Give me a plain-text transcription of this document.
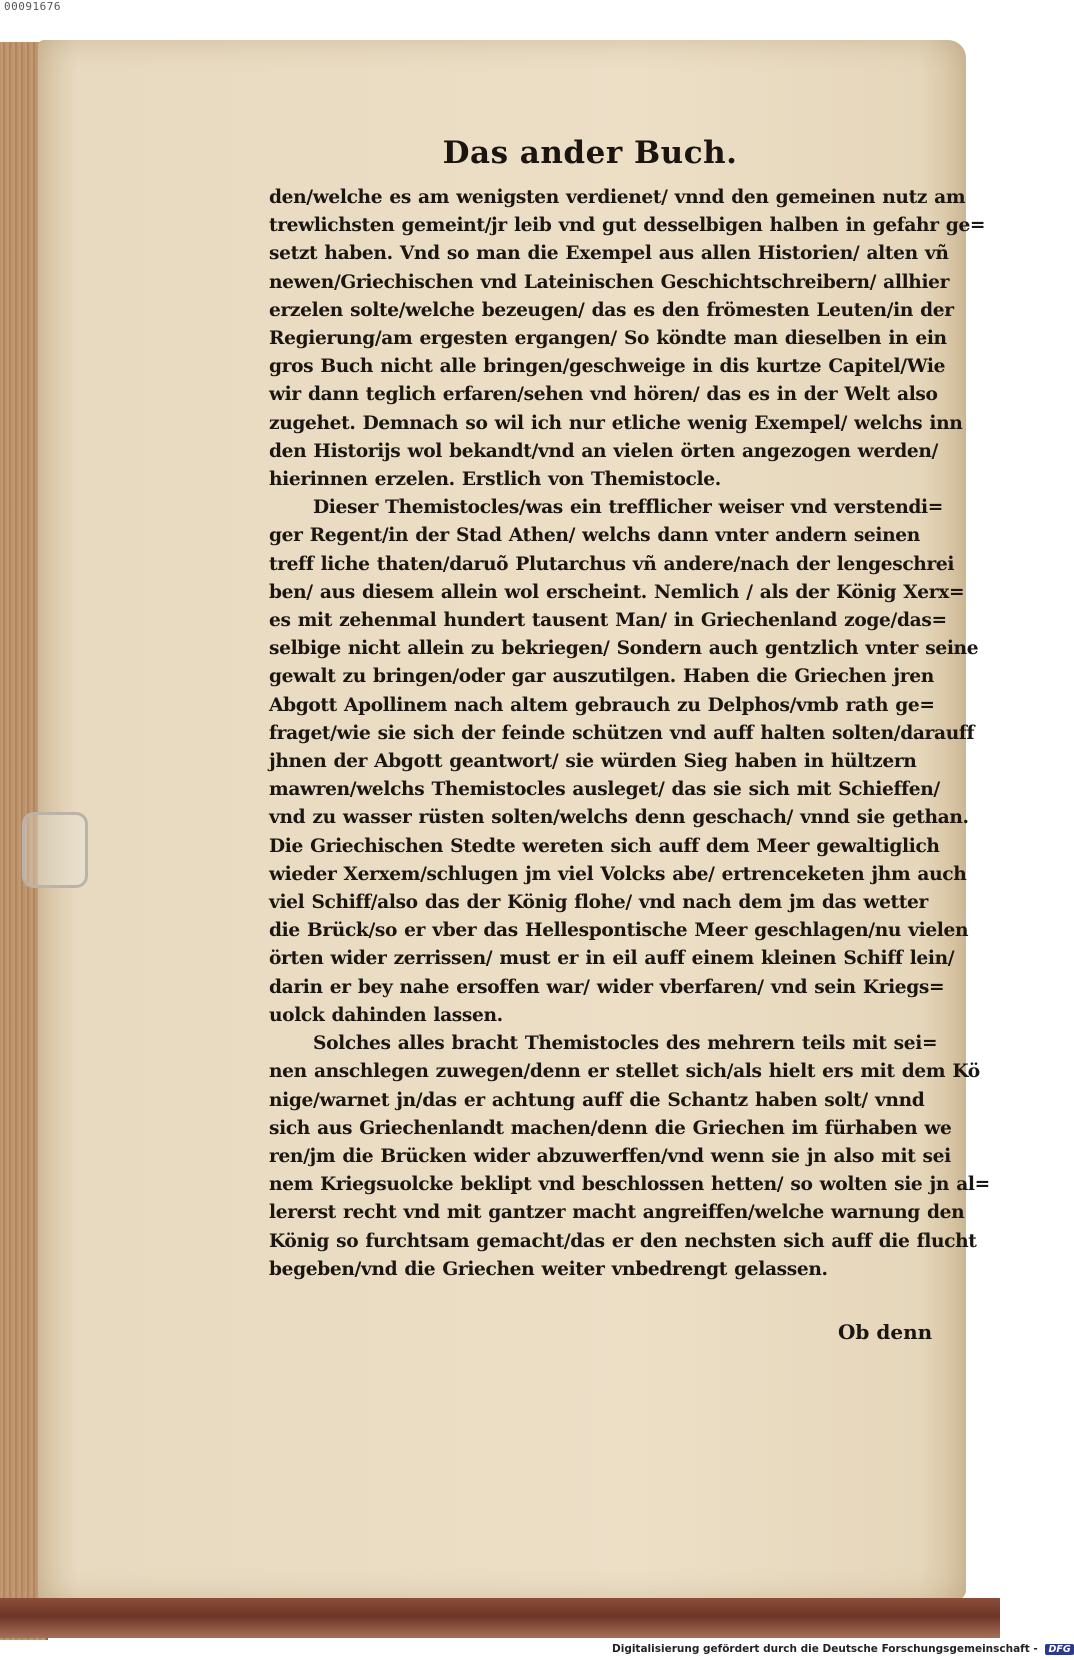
00091676
Das ander Buch.
den/welche es am wenigsten verdienet/ vnnd den gemeinen nutz am
trewlichsten gemeint/jr leib vnd gut desselbigen halben in gefahr ge=
setzt haben. Vnd so man die Exempel aus allen Historien/ alten vñ
newen/Griechischen vnd Lateinischen Geschichtschreibern/ allhier
erzelen solte/welche bezeugen/ das es den frömesten Leuten/in der
Regierung/am ergesten ergangen/ So köndte man dieselben in ein
gros Buch nicht alle bringen/geschweige in dis kurtze Capitel/Wie
wir dann teglich erfaren/sehen vnd hören/ das es in der Welt also
zugehet. Demnach so wil ich nur etliche wenig Exempel/ welchs inn
den Historijs wol bekandt/vnd an vielen örten angezogen werden/
hierinnen erzelen. Erstlich von Themistocle.
Dieser Themistocles/was ein trefflicher weiser vnd verstendi=
ger Regent/in der Stad Athen/ welchs dann vnter andern seinen
treff liche thaten/daruõ Plutarchus vñ andere/nach der lengeschrei
ben/ aus diesem allein wol erscheint. Nemlich / als der König Xerx=
es mit zehenmal hundert tausent Man/ in Griechenland zoge/das=
selbige nicht allein zu bekriegen/ Sondern auch gentzlich vnter seine
gewalt zu bringen/oder gar auszutilgen. Haben die Griechen jren
Abgott Apollinem nach altem gebrauch zu Delphos/vmb rath ge=
fraget/wie sie sich der feinde schützen vnd auff halten solten/darauff
jhnen der Abgott geantwort/ sie würden Sieg haben in hültzern
mawren/welchs Themistocles ausleget/ das sie sich mit Schieffen/
vnd zu wasser rüsten solten/welchs denn geschach/ vnnd sie gethan.
Die Griechischen Stedte wereten sich auff dem Meer gewaltiglich
wieder Xerxem/schlugen jm viel Volcks abe/ ertrenceketen jhm auch
viel Schiff/also das der König flohe/ vnd nach dem jm das wetter
die Brück/so er vber das Hellespontische Meer geschlagen/nu vielen
örten wider zerrissen/ must er in eil auff einem kleinen Schiff lein/
darin er bey nahe ersoffen war/ wider vberfaren/ vnd sein Kriegs=
uolck dahinden lassen.
Solches alles bracht Themistocles des mehrern teils mit sei=
nen anschlegen zuwegen/denn er stellet sich/als hielt ers mit dem Kö
nige/warnet jn/das er achtung auff die Schantz haben solt/ vnnd
sich aus Griechenlandt machen/denn die Griechen im fürhaben we
ren/jm die Brücken wider abzuwerffen/vnd wenn sie jn also mit sei
nem Kriegsuolcke beklipt vnd beschlossen hetten/ so wolten sie jn al=
lererst recht vnd mit gantzer macht angreiffen/welche warnung den
König so furchtsam gemacht/das er den nechsten sich auff die flucht
begeben/vnd die Griechen weiter vnbedrengt gelassen.
Ob denn
Digitalisierung gefördert durch die Deutsche Forschungsgemeinschaft - DFG
